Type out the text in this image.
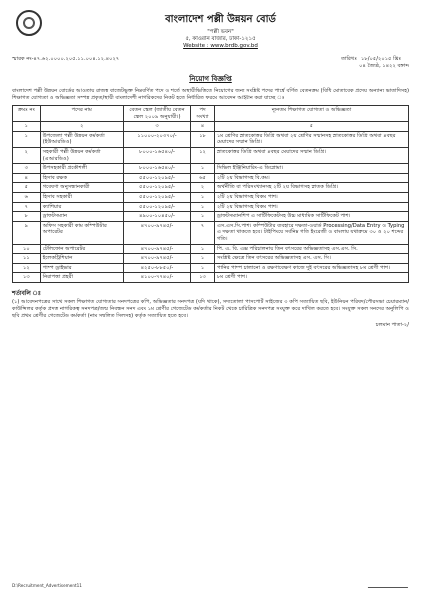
বাংলাদেশ পল্লী উন্নয়ন বোর্ড
"পল্লী ভবন"
৫, কাওরান বাজার, ঢাকা-১২১৫
Website : www.brdb.gov.bd
স্মারক নং-৪৭.৬২.০০০০.২০৫.১১.০০৪.১২.৪০২৭	তারিখঃ ১৮/০৫/২০১৫ খ্রিঃ
০৪ জ্যৈষ্ঠ, ১৪২২ বঙ্গাব্দ
নিয়োগ বিজ্ঞপ্তি
বাংলাদেশ পল্লী উন্নয়ন বোর্ডের আওতায় রাজস্ব বাজেটভুক্ত নিম্নবর্ণিত পদে ও শর্তে অস্থায়ীভিত্তিতে নিয়োগের জন্য সংশ্লিষ্ট পদের পার্শ্বে বর্ণিত বেতনক্রম (বিধি মোতাবেক প্রদেয় অন্যান্য ভাতাদিসহ) শিক্ষাগত যোগ্যতা ও অভিজ্ঞতা সম্পন্ন প্রকৃত/স্থায়ী বাংলাদেশী নাগরিকদের নিকট হতে নির্ধারিত ফরমে আবেদন আহ্বান করা যাচ্ছে ঃ
ক্রমঃ নং	পদের নাম	বেতন স্কেল (জাতীয় বেতন স্কেল ২০০৯ অনুযায়ী।)	পদ সংখ্যা	ন্যূনতম শিক্ষাগত যোগ্যতা ও অভিজ্ঞতা
১	২	৩	৪	৫
১	উপজেলা পল্লী উন্নয়ন কর্মকর্তা (ইউআরডিও)	১১০০০-২০৩৭০/-	১৮	১ম শ্রেণির স্নাতকোত্তর ডিগ্রি অথবা ২য় শ্রেণির সম্মানসহ স্নাতকোত্তর ডিগ্রি অথবা ৪বছর মেয়াদের সম্মান ডিগ্রি।
২	সহকারী পল্লী উন্নয়ন কর্মকর্তা (এআরডিও)	৮০০০-১৬৫৪০/-	১২	স্নাতকোত্তর ডিগ্রি অথবা ৪বছর মেয়াদের সম্মান ডিগ্রি।
৩	উপসহকারী প্রকৌশলী	৮০০০-১৬৫৪০/-	১	সিভিল ইঞ্জিনিয়ারিং-এ ডিপ্লোমা।
৪	হিসাব রক্ষক	৫৫০০-১২০৯৫/-	৬৫	২টি ২য় বিভাগসহ বি.কম।
৫	গবেষণা অনুসন্ধানকারী	৫৫০০-১২০৯৫/-	২	অর্থনীতি বা পরিসংখ্যানসহ ২টি ২য় বিভাগসহ স্নাতক ডিগ্রি।
৬	হিসাব সহকারী	৫৫০০-১২০৯৫/-	১	২টি ২য় বিভাগসহ বিকম পাশ।
৭	ক্যাশিয়ার	৫৫০০-১২০৯৫/-	১	২টি ২য় বিভাগসহ বিকম পাশ।
৮	ড্রাফটসম্যান	৪৯০০-১০৪৫০/-	১	ড্রাফটসম্যানশিপ এ সার্টিফিকেটসহ উচ্চ মাধ্যমিক সার্টিফিকেট পাশ।
৯	অফিস সহকারী কাম কম্পিউটার অপারেটর	৪৭০০-৯৭৪৫/-	৭	এস.এস.সি.পাশ। কম্পিউটার ব্যবহারে দক্ষতা-ওয়ার্ড Processing/Data Entry ও Typing এ দক্ষতা থাকতে হবে। টাইপিংয়ে সর্বনিম্ন গতি ইংরেজী ও বাংলায় যথাক্রমে ৩০ ও ২০ শব্দের গতি।
১০	টেলিফোন অপারেটর	৪৭০০-৯৭৪৫/-	১	পি. এ. বি. এক্স পরিচালনায় তিন বৎসরের অভিজ্ঞতাসহ এস.এস. সি.
১১	ইলেকট্রিশিয়ান	৪৭০০-৯৭৪৫/-	১	সংশ্লিষ্ট ক্ষেত্রে তিন বৎসরের অভিজ্ঞতাসহ এস. এস. সি।
১২	পাম্প ড্রাইভার	৪২৫০-৮৮৫০/-	১	পানির পাম্প চালানো ও রক্ষণাবেক্ষণ কাজে দুই বৎসরের অভিজ্ঞতাসহ ৮ম শ্রেণী পাশ।
১৩	নিরাপত্তা প্রহরী	৪১০০-৭৭৪০/-	১৩	৮ম শ্রেণী পাশ।
শর্তাবলি ঃ
(১) আবেদনপত্রের সাথে সকল শিক্ষাগত যোগ্যতার সনদপত্রের কপি, অভিজ্ঞতার সনদপত্র (যদি থাকে), সদ্যতোলা পাসপোর্ট সাইজের ৩ কপি সত্যায়িত ছবি, ইউনিয়ন পরিষদ/পৌরসভা চেয়ারম্যান/কাউন্সিলর কর্তৃক প্রদত্ত নাগরিকত্ব সনদপত্র/জন্ম নিবন্ধন সনদ এবং ১ম শ্রেণীর গেজেটেড কর্মকর্তার নিকট থেকে চারিত্রিক সনদপত্র সংযুক্ত করে দাখিল করতে হবে। সংযুক্ত সকল সনদের অনুলিপি ও ছবি প্রথম শ্রেণীর গেজেটেড কর্মকর্তা (নাম সম্বলিত সিলসহ) কর্তৃক সত্যায়িত হতে হবে।
চলমান পাতা-২/
D:\Recruitment_Advertisement11
